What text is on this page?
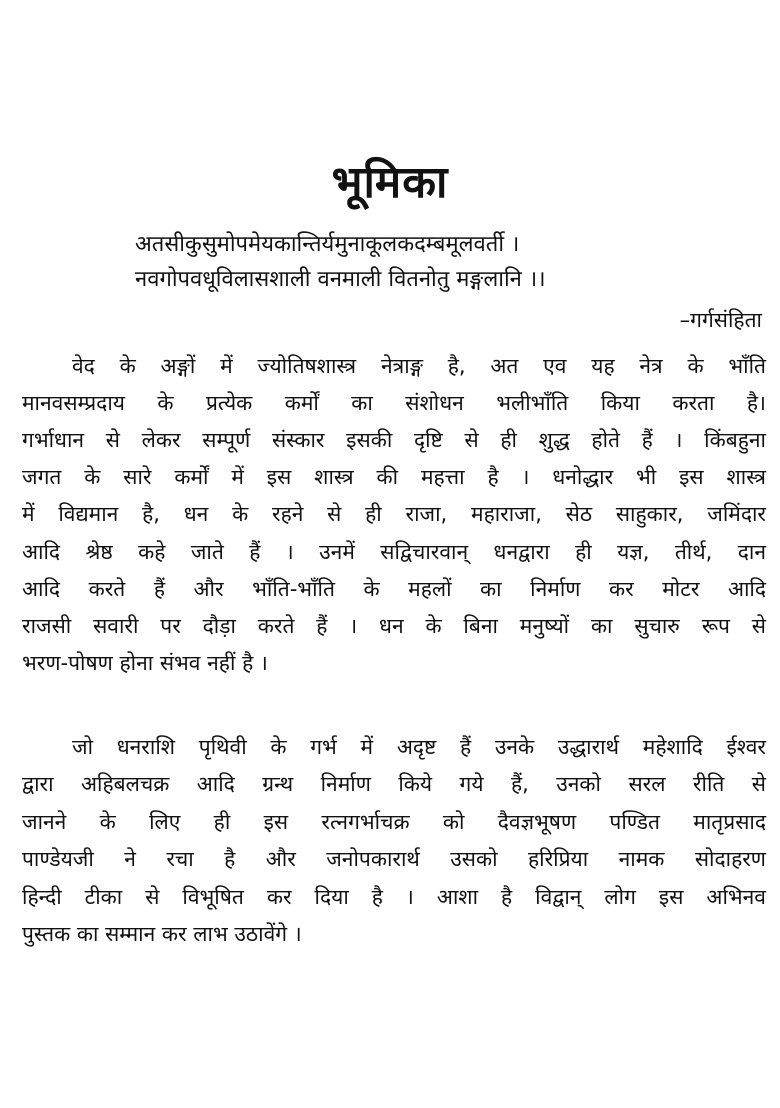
भूमिका
अतसीकुसुमोपमेयकान्तिर्यमुनाकूलकदम्बमूलवर्ती ।
नवगोपवधूविलासशाली वनमाली वितनोतु मङ्गलानि ।।
–गर्गसंहिता
वेद के अङ्गों में ज्योतिषशास्त्र नेत्राङ्ग है, अत एव यह नेत्र के भाँति
मानवसम्प्रदाय के प्रत्येक कर्मों का संशोधन भलीभाँति किया करता है।
गर्भाधान से लेकर सम्पूर्ण संस्कार इसकी दृष्टि से ही शुद्ध होते हैं । किंबहुना
जगत के सारे कर्मों में इस शास्त्र की महत्ता है । धनोद्धार भी इस शास्त्र
में विद्यमान है, धन के रहने से ही राजा, महाराजा, सेठ साहुकार, जमिंदार
आदि श्रेष्ठ कहे जाते हैं । उनमें सद्विचारवान् धनद्वारा ही यज्ञ, तीर्थ, दान
आदि करते हैं और भाँति-भाँति के महलों का निर्माण कर मोटर आदि
राजसी सवारी पर दौड़ा करते हैं । धन के बिना मनुष्यों का सुचारु रूप से
भरण-पोषण होना संभव नहीं है ।
जो धनराशि पृथिवी के गर्भ में अदृष्ट हैं उनके उद्धारार्थ महेशादि ईश्वर
द्वारा अहिबलचक्र आदि ग्रन्थ निर्माण किये गये हैं, उनको सरल रीति से
जानने के लिए ही इस रत्नगर्भाचक्र को दैवज्ञभूषण पण्डित मातृप्रसाद
पाण्डेयजी ने रचा है और जनोपकारार्थ उसको हरिप्रिया नामक सोदाहरण
हिन्दी टीका से विभूषित कर दिया है । आशा है विद्वान् लोग इस अभिनव
पुस्तक का सम्मान कर लाभ उठावेंगे ।
